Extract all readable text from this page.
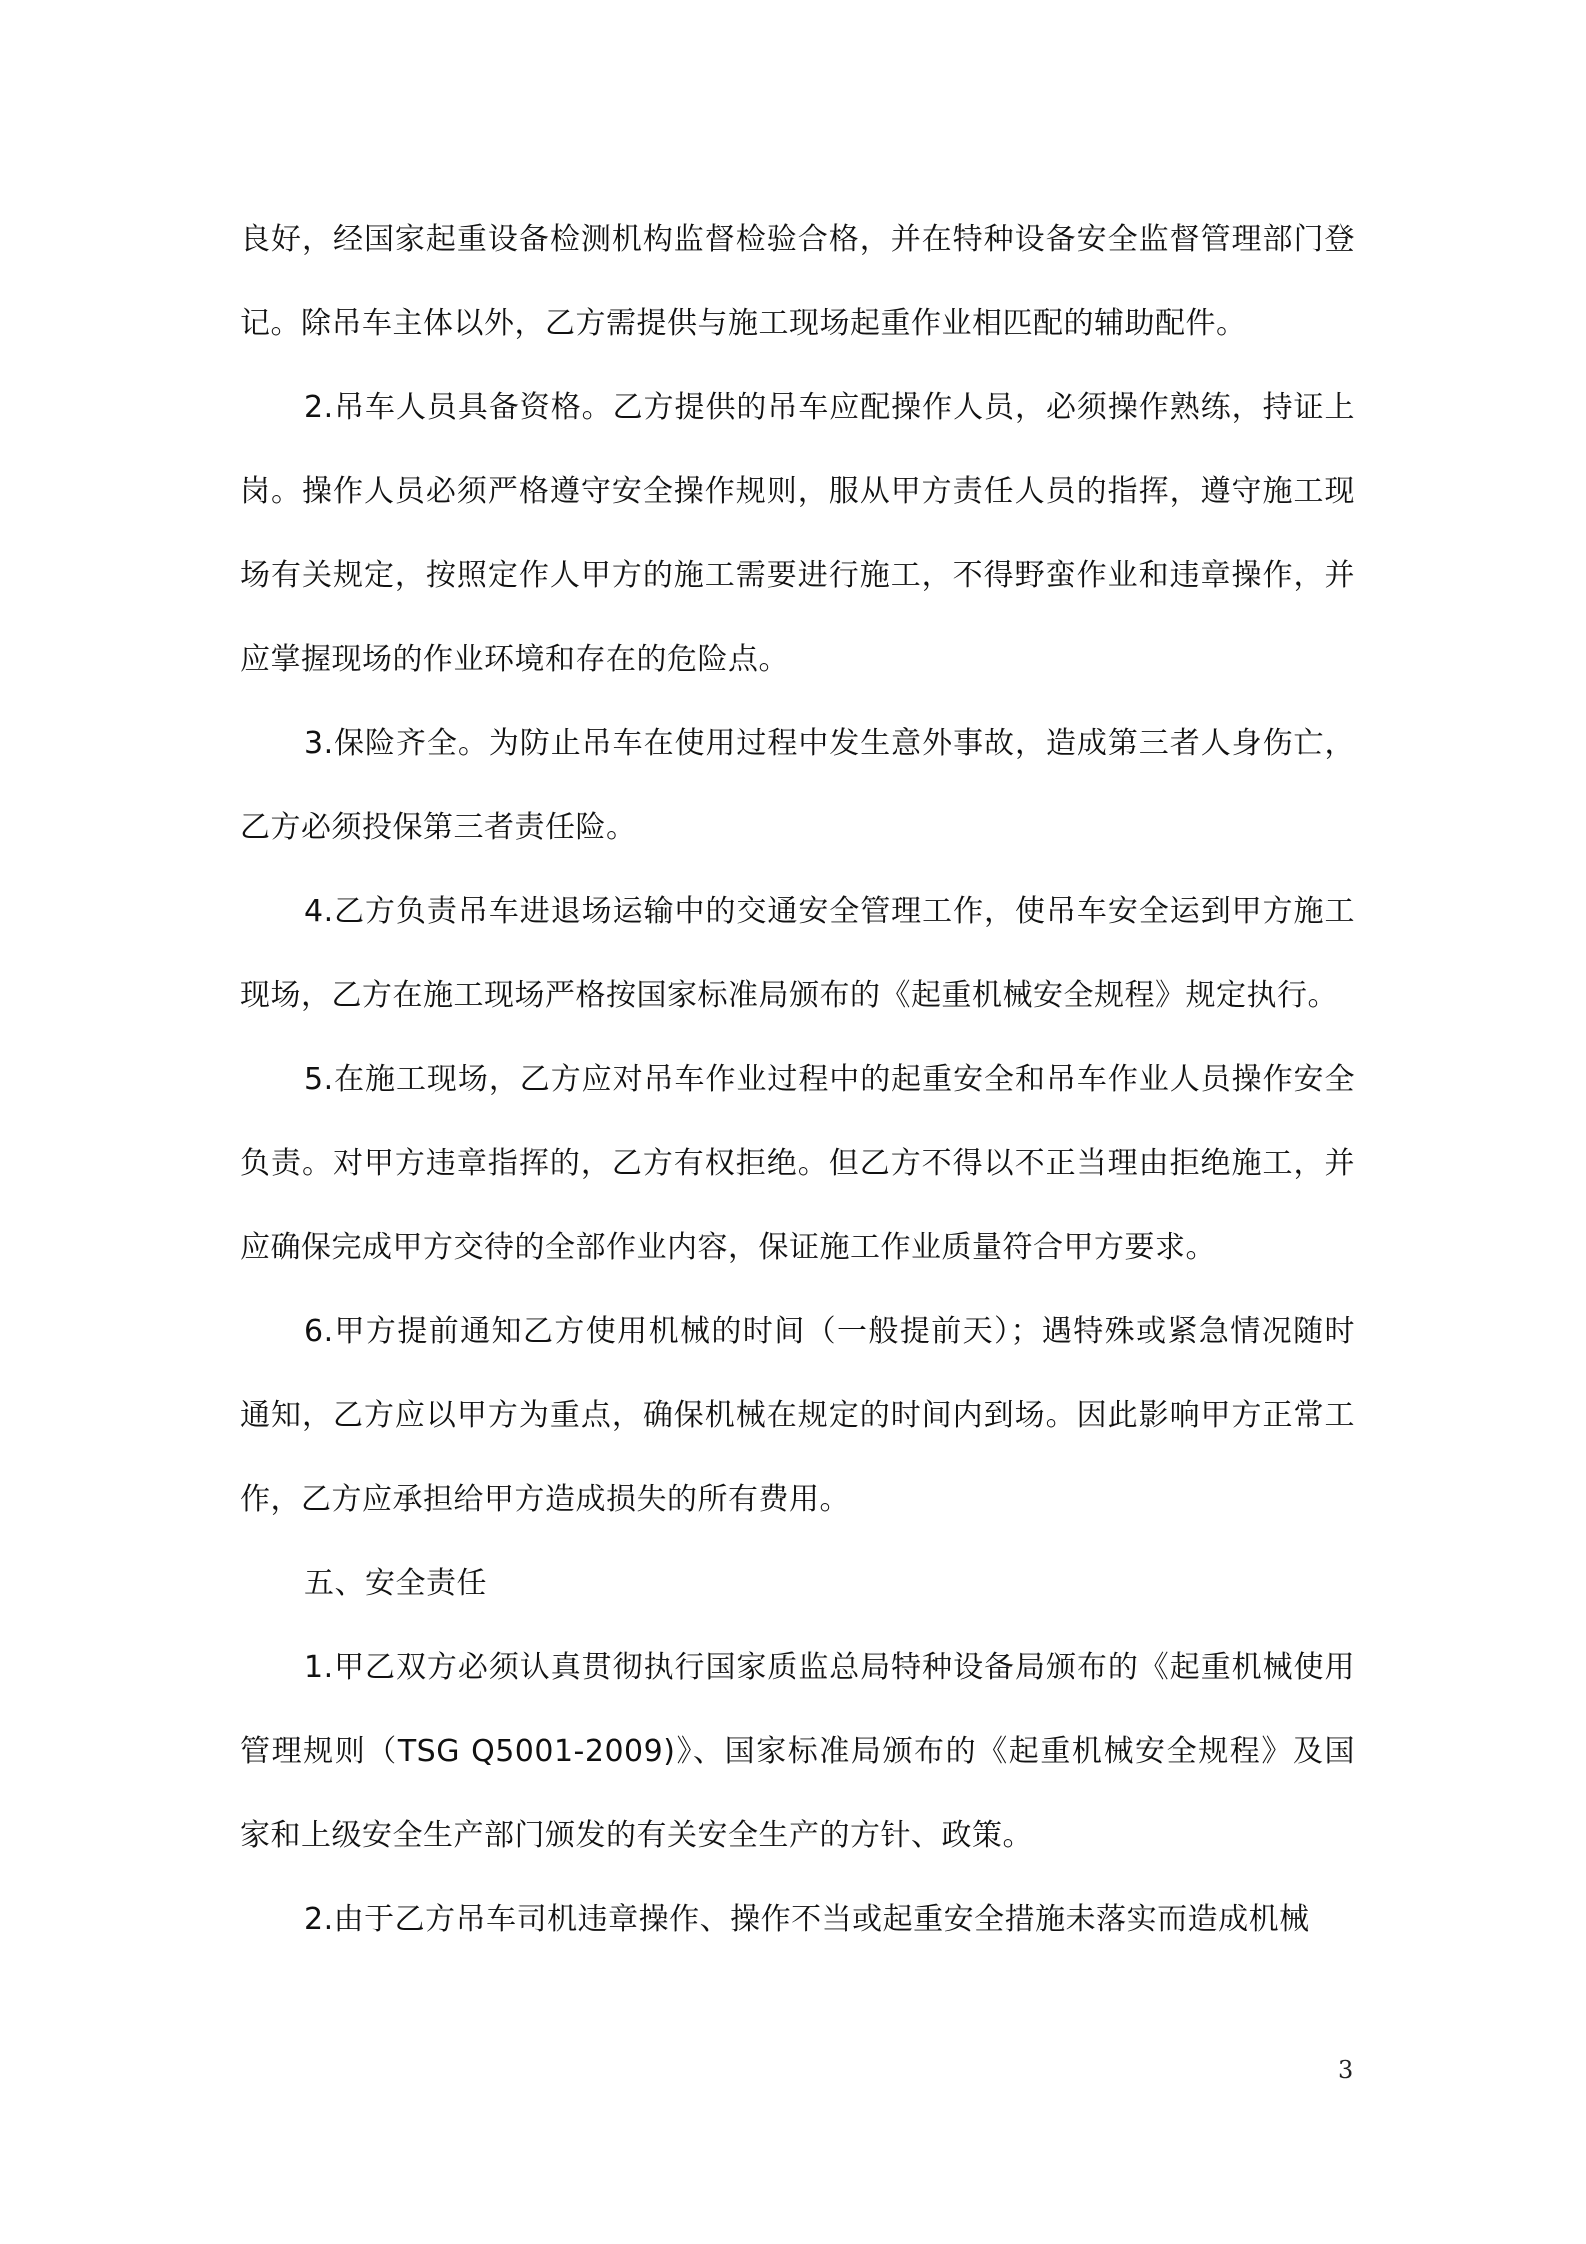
良好，经国家起重设备检测机构监督检验合格，并在特种设备安全监督管理部门登记。除吊车主体以外，乙方需提供与施工现场起重作业相匹配的辅助配件。

2.吊车人员具备资格。乙方提供的吊车应配操作人员，必须操作熟练，持证上岗。操作人员必须严格遵守安全操作规则，服从甲方责任人员的指挥，遵守施工现场有关规定，按照定作人甲方的施工需要进行施工，不得野蛮作业和违章操作，并应掌握现场的作业环境和存在的危险点。

3.保险齐全。为防止吊车在使用过程中发生意外事故，造成第三者人身伤亡，乙方必须投保第三者责任险。

4.乙方负责吊车进退场运输中的交通安全管理工作，使吊车安全运到甲方施工现场，乙方在施工现场严格按国家标准局颁布的《起重机械安全规程》规定执行。

5.在施工现场，乙方应对吊车作业过程中的起重安全和吊车作业人员操作安全负责。对甲方违章指挥的，乙方有权拒绝。但乙方不得以不正当理由拒绝施工，并应确保完成甲方交待的全部作业内容，保证施工作业质量符合甲方要求。

6.甲方提前通知乙方使用机械的时间（一般提前天）；遇特殊或紧急情况随时通知，乙方应以甲方为重点，确保机械在规定的时间内到场。因此影响甲方正常工作，乙方应承担给甲方造成损失的所有费用。

五、安全责任

1.甲乙双方必须认真贯彻执行国家质监总局特种设备局颁布的《起重机械使用管理规则（TSG Q5001-2009)》、国家标准局颁布的《起重机械安全规程》及国家和上级安全生产部门颁发的有关安全生产的方针、政策。

2.由于乙方吊车司机违章操作、操作不当或起重安全措施未落实而造成机械

3
